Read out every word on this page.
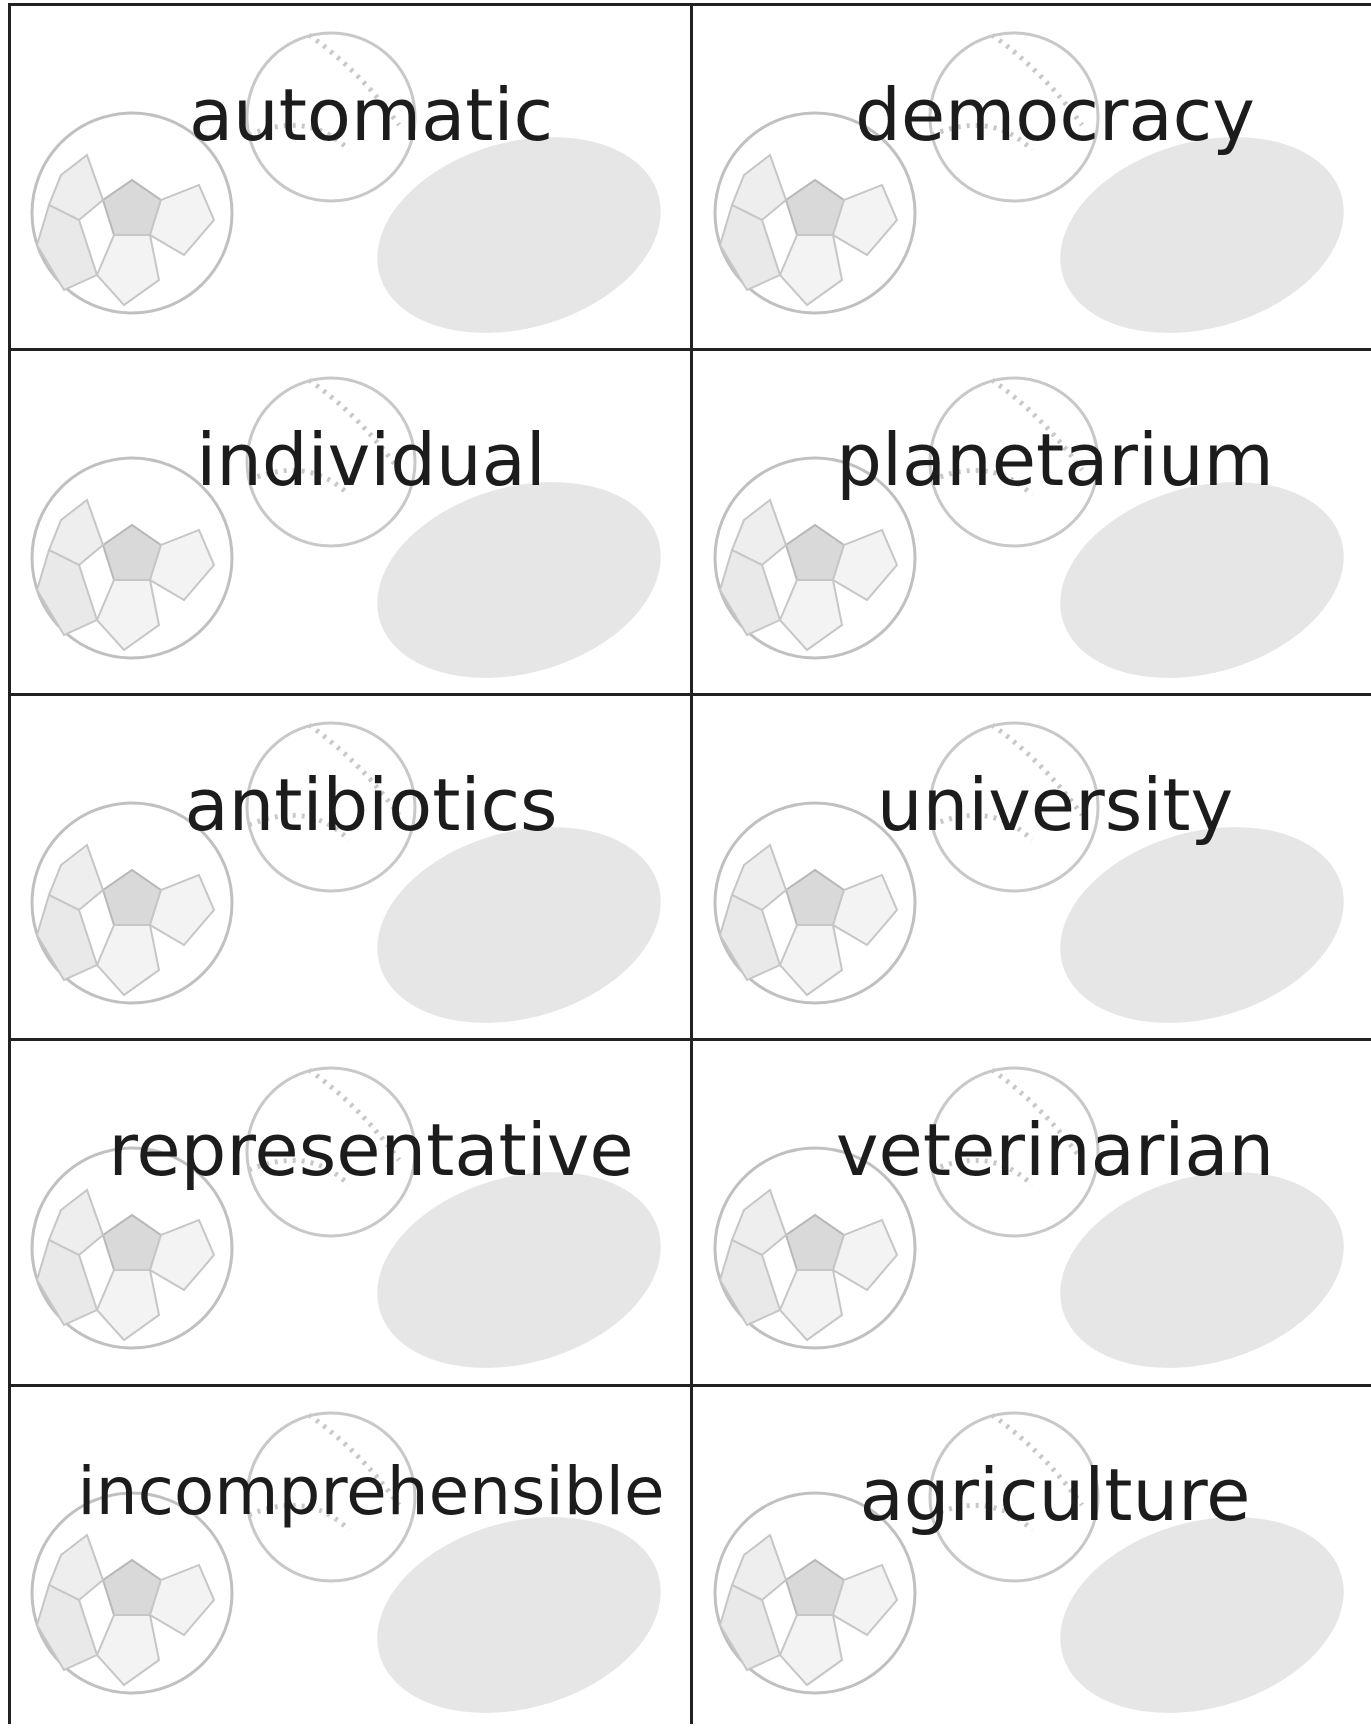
automatic	democracy
individual	planetarium
antibiotics	university
representative	veterinarian
incomprehensible	agriculture
